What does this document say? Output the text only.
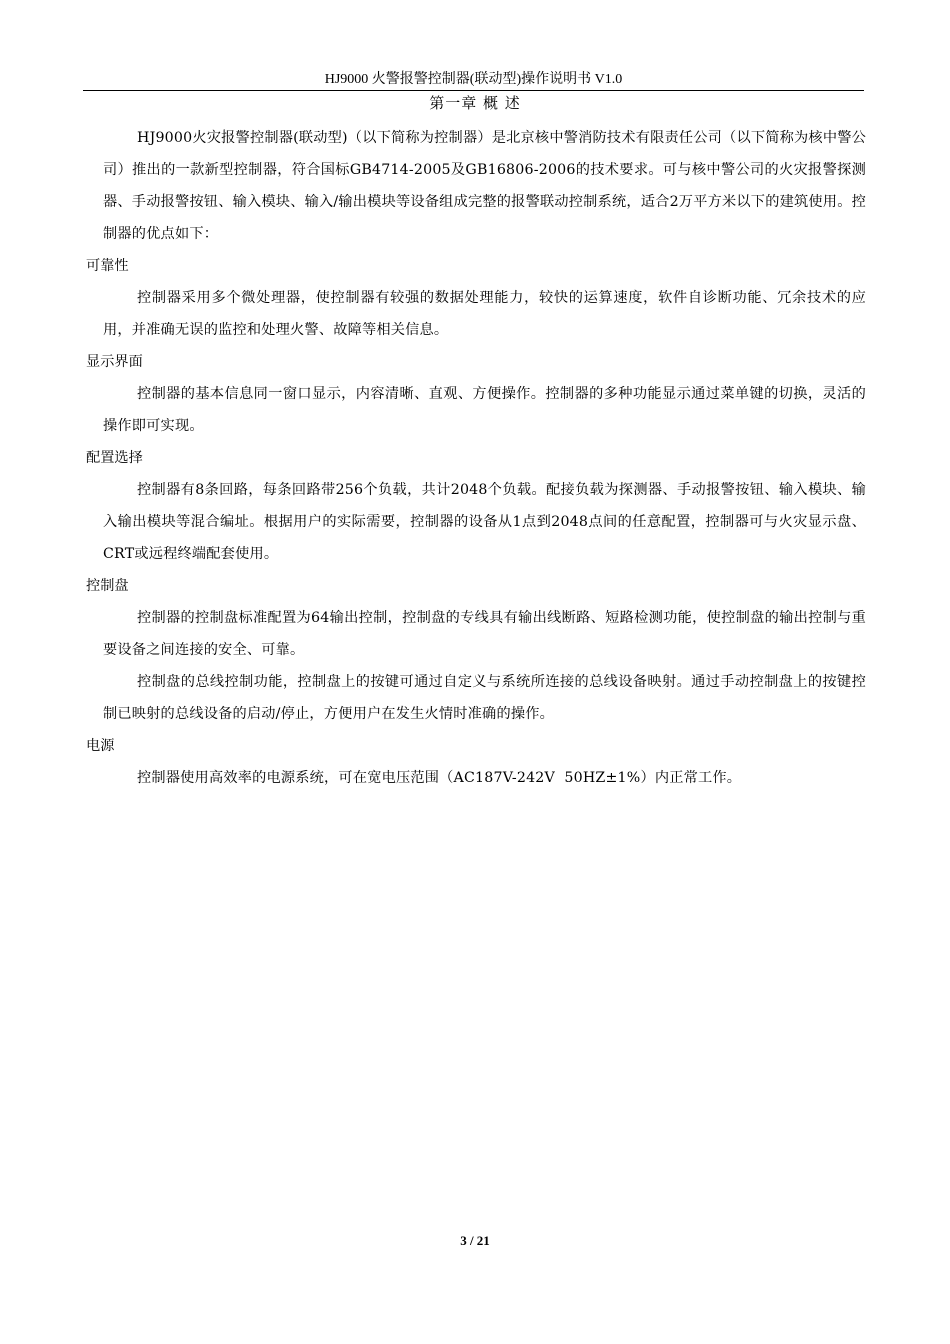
HJ9000 火警报警控制器(联动型)操作说明书 V1.0
第一章 概 述

HJ9000火灾报警控制器(联动型)（以下简称为控制器）是北京核中警消防技术有限责任公司（以下简称为核中警公司）推出的一款新型控制器，符合国标GB4714-2005及GB16806-2006的技术要求。可与核中警公司的火灾报警探测器、手动报警按钮、输入模块、输入/输出模块等设备组成完整的报警联动控制系统，适合2万平方米以下的建筑使用。控制器的优点如下：

可靠性

控制器采用多个微处理器，使控制器有较强的数据处理能力，较快的运算速度，软件自诊断功能、冗余技术的应用，并准确无误的监控和处理火警、故障等相关信息。

显示界面

控制器的基本信息同一窗口显示，内容清晰、直观、方便操作。控制器的多种功能显示通过菜单键的切换，灵活的操作即可实现。

配置选择

控制器有8条回路，每条回路带256个负载，共计2048个负载。配接负载为探测器、手动报警按钮、输入模块、输入输出模块等混合编址。根据用户的实际需要，控制器的设备从1点到2048点间的任意配置，控制器可与火灾显示盘、CRT或远程终端配套使用。

控制盘

控制器的控制盘标准配置为64输出控制，控制盘的专线具有输出线断路、短路检测功能，使控制盘的输出控制与重要设备之间连接的安全、可靠。

控制盘的总线控制功能，控制盘上的按键可通过自定义与系统所连接的总线设备映射。通过手动控制盘上的按键控制已映射的总线设备的启动/停止，方便用户在发生火情时准确的操作。

电源

控制器使用高效率的电源系统，可在宽电压范围（AC187V-242V  50HZ±1%）内正常工作。

3 / 21
